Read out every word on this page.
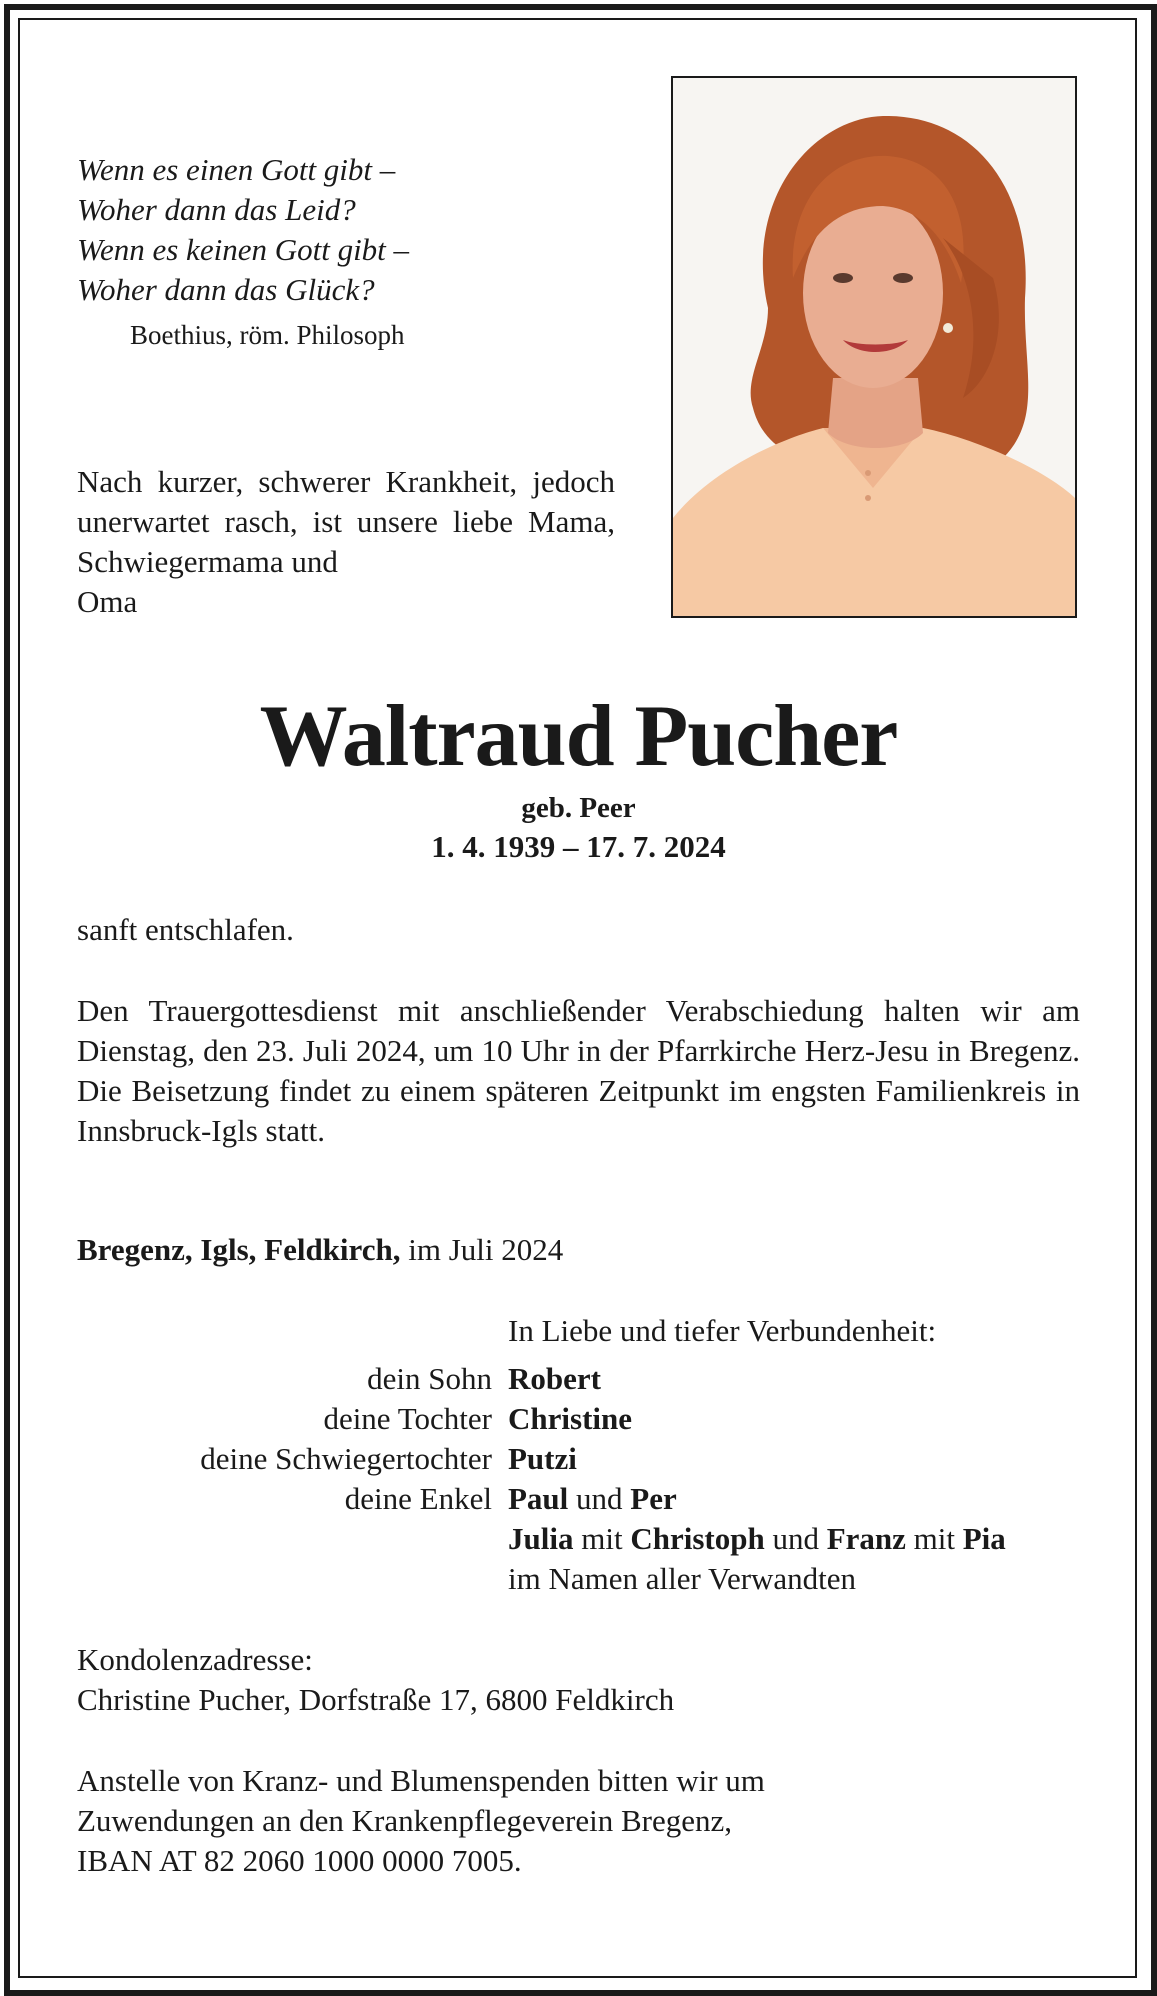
Wenn es einen Gott gibt –
Woher dann das Leid?
Wenn es keinen Gott gibt –
Woher dann das Glück?
Boethius, röm. Philosoph
Nach kurzer, schwerer Krankheit, jedoch unerwartet rasch, ist unsere liebe Mama, Schwiegermama und
Oma
Waltraud Pucher
geb. Peer
1. 4. 1939 – 17. 7. 2024
sanft entschlafen.
Den Trauergottesdienst mit anschließender Verabschiedung halten wir am Dienstag, den 23. Juli 2024, um 10 Uhr in der Pfarrkirche Herz-Jesu in Bregenz. Die Beisetzung findet zu einem späteren Zeitpunkt im engsten Familienkreis in Innsbruck-Igls statt.
Bregenz, Igls, Feldkirch, im Juli 2024
In Liebe und tiefer Verbundenheit:
dein Sohn Robert
deine Tochter Christine
deine Schwiegertochter Putzi
deine Enkel Paul und Per
Julia mit Christoph und Franz mit Pia
im Namen aller Verwandten
Kondolenzadresse:
Christine Pucher, Dorfstraße 17, 6800 Feldkirch
Anstelle von Kranz- und Blumenspenden bitten wir um
Zuwendungen an den Krankenpflegeverein Bregenz,
IBAN AT 82 2060 1000 0000 7005.
